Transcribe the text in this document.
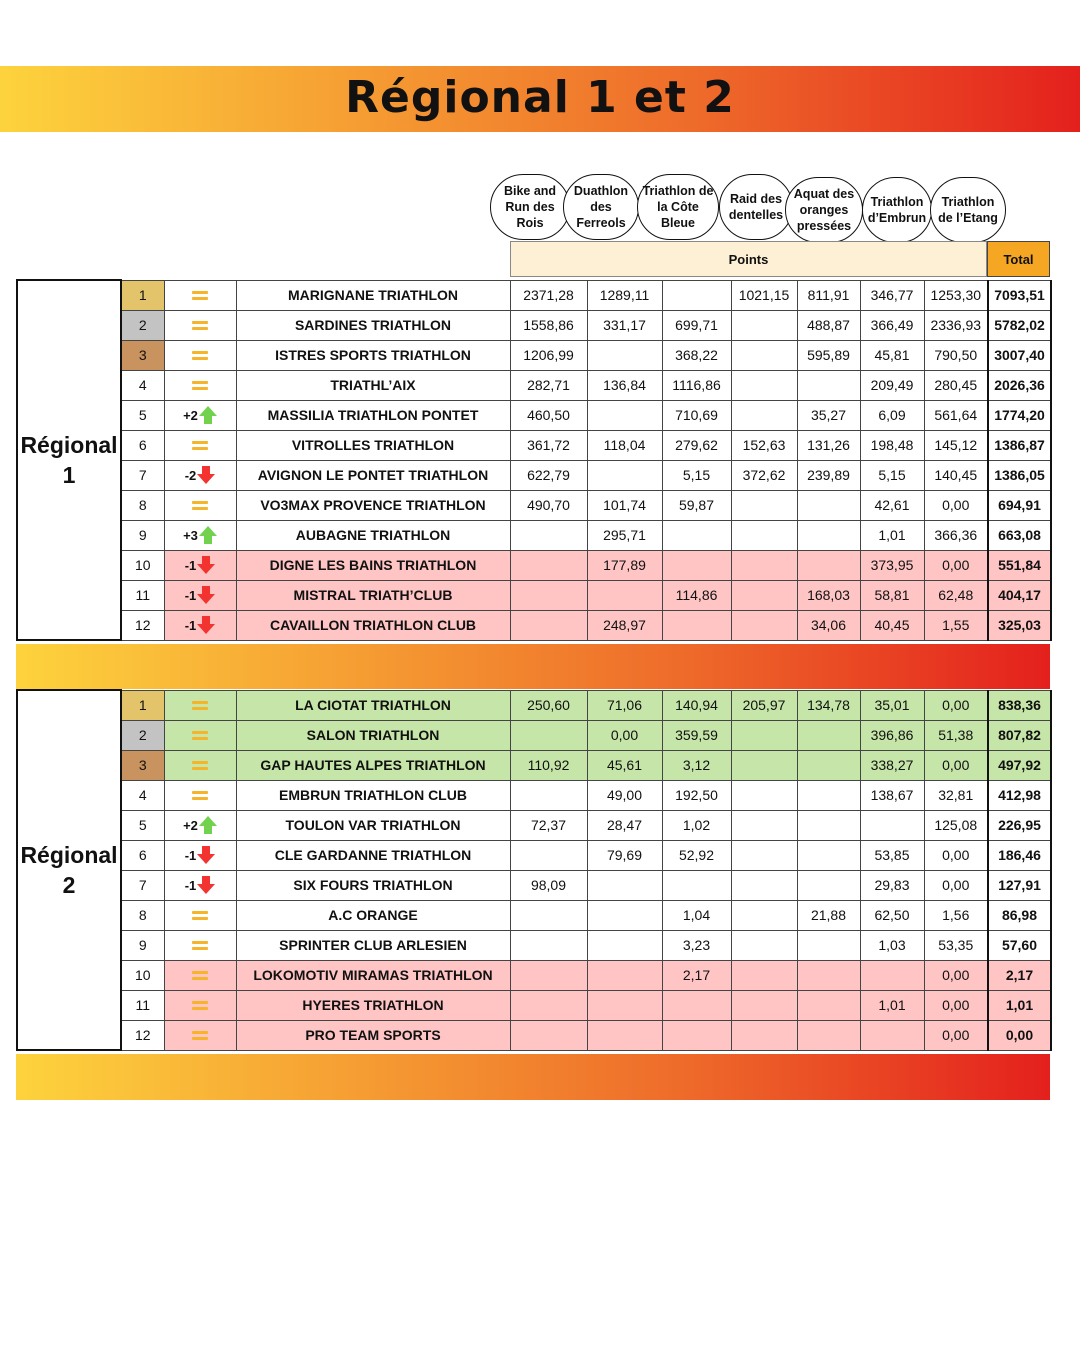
Régional 1 et 2
Bike and Run des Rois
Duathlon des Ferreols
Triathlon de la Côte Bleue
Raid des dentelles
Aquat des oranges pressées
Triathlon d’Embrun
Triathlon de l’Etang
Points	Total
Régional 1	1		MARIGNANE TRIATHLON	2371,28	1289,11		1021,15	811,91	346,77	1253,30	7093,51
	2		SARDINES TRIATHLON	1558,86	331,17	699,71		488,87	366,49	2336,93	5782,02
	3		ISTRES SPORTS TRIATHLON	1206,99		368,22		595,89	45,81	790,50	3007,40
	4		TRIATHL’AIX	282,71	136,84	1116,86			209,49	280,45	2026,36
	5	+2	MASSILIA TRIATHLON PONTET	460,50		710,69		35,27	6,09	561,64	1774,20
	6		VITROLLES TRIATHLON	361,72	118,04	279,62	152,63	131,26	198,48	145,12	1386,87
	7	-2	AVIGNON LE PONTET TRIATHLON	622,79		5,15	372,62	239,89	5,15	140,45	1386,05
	8		VO3MAX PROVENCE TRIATHLON	490,70	101,74	59,87			42,61	0,00	694,91
	9	+3	AUBAGNE TRIATHLON		295,71				1,01	366,36	663,08
	10	-1	DIGNE LES BAINS TRIATHLON		177,89				373,95	0,00	551,84
	11	-1	MISTRAL TRIATH’CLUB			114,86		168,03	58,81	62,48	404,17
	12	-1	CAVAILLON TRIATHLON CLUB		248,97			34,06	40,45	1,55	325,03
Régional 2	1		LA CIOTAT TRIATHLON	250,60	71,06	140,94	205,97	134,78	35,01	0,00	838,36
	2		SALON TRIATHLON		0,00	359,59			396,86	51,38	807,82
	3		GAP HAUTES ALPES TRIATHLON	110,92	45,61	3,12			338,27	0,00	497,92
	4		EMBRUN TRIATHLON CLUB		49,00	192,50			138,67	32,81	412,98
	5	+2	TOULON VAR TRIATHLON	72,37	28,47	1,02				125,08	226,95
	6	-1	CLE GARDANNE TRIATHLON		79,69	52,92			53,85	0,00	186,46
	7	-1	SIX FOURS TRIATHLON	98,09					29,83	0,00	127,91
	8		A.C ORANGE			1,04		21,88	62,50	1,56	86,98
	9		SPRINTER CLUB ARLESIEN			3,23			1,03	53,35	57,60
	10		LOKOMOTIV MIRAMAS TRIATHLON			2,17				0,00	2,17
	11		HYERES TRIATHLON						1,01	0,00	1,01
	12		PRO TEAM SPORTS							0,00	0,00
